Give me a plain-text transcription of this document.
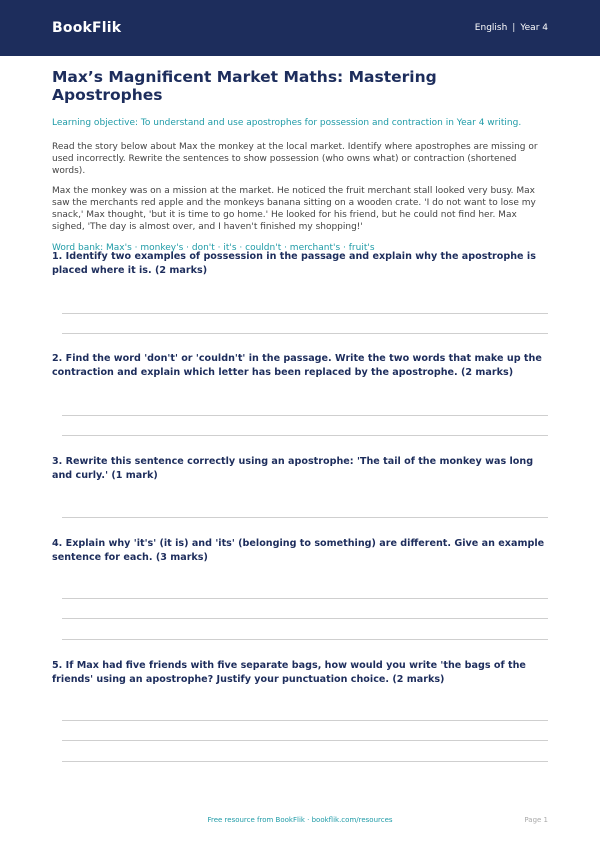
BookFlik	English | Year 4
Max’s Magnificent Market Maths: Mastering Apostrophes
Learning objective: To understand and use apostrophes for possession and contraction in Year 4 writing.
Read the story below about Max the monkey at the local market. Identify where apostrophes are missing or used incorrectly. Rewrite the sentences to show possession (who owns what) or contraction (shortened words).
Max the monkey was on a mission at the market. He noticed the fruit merchant stall looked very busy. Max saw the merchants red apple and the monkeys banana sitting on a wooden crate. 'I do not want to lose my snack,' Max thought, 'but it is time to go home.' He looked for his friend, but he could not find her. Max sighed, 'The day is almost over, and I haven't finished my shopping!'
Word bank: Max's · monkey's · don't · it's · couldn't · merchant's · fruit's
1. Identify two examples of possession in the passage and explain why the apostrophe is placed where it is. (2 marks)
2. Find the word 'don't' or 'couldn't' in the passage. Write the two words that make up the contraction and explain which letter has been replaced by the apostrophe. (2 marks)
3. Rewrite this sentence correctly using an apostrophe: 'The tail of the monkey was long and curly.' (1 mark)
4. Explain why 'it's' (it is) and 'its' (belonging to something) are different. Give an example sentence for each. (3 marks)
5. If Max had five friends with five separate bags, how would you write 'the bags of the friends' using an apostrophe? Justify your punctuation choice. (2 marks)
Free resource from BookFlik · bookflik.com/resources	Page 1
